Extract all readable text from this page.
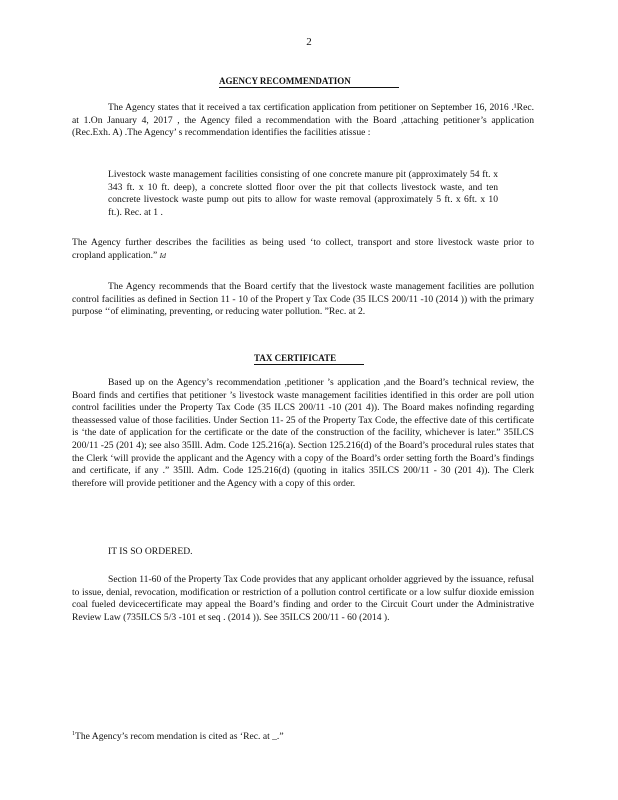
2
AGENCY RECOMMENDATION

The Agency states that it received a tax certification application from petitioner on September 16, 2016 .¹Rec. at 1.On January 4, 2017 , the Agency filed a recommendation with the Board ,attaching petitioner’s application (Rec.Exh. A) .The Agency’ s recommendation identifies the facilities atissue :

Livestock waste management facilities consisting of one concrete manure pit (approximately 54 ft. x 343 ft. x 10 ft. deep), a concrete slotted floor over the pit that collects livestock waste, and ten concrete livestock waste pump out pits to allow for waste removal (approximately 5 ft. x 6ft. x 10 ft.). Rec. at 1 .

The Agency further describes the facilities as being used ‘to collect, transport and store livestock waste prior to cropland application.” Id

The Agency recommends that the Board certify that the livestock waste management facilities are pollution control facilities as defined in Section 11 - 10 of the Propert y Tax Code (35 ILCS 200/11 -10 (2014 )) with the primary purpose ‘‘of eliminating, preventing, or reducing water pollution. ”Rec. at 2.

TAX CERTIFICATE

Based up on the Agency’s recommendation ,petitioner ’s application ,and the Board’s technical review, the Board finds and certifies that petitioner ’s livestock waste management facilities identified in this order are poll ution control facilities under the Property Tax Code (35 ILCS 200/11 -10 (201 4)). The Board makes nofinding regarding theassessed value of those facilities. Under Section 11- 25 of the Property Tax Code, the effective date of this certificate is ‘the date of application for the certificate or the date of the construction of the facility, whichever is later.” 35ILCS 200/11 -25 (201 4); see also 35Ill. Adm. Code 125.216(a). Section 125.216(d) of the Board’s procedural rules states that the Clerk ‘will provide the applicant and the Agency with a copy of the Board’s order setting forth the Board’s findings and certificate, if any .” 35Ill. Adm. Code 125.216(d) (quoting in italics 35ILCS 200/11 - 30 (201 4)). The Clerk therefore will provide petitioner and the Agency with a copy of this order.

IT IS SO ORDERED.

Section 11-60 of the Property Tax Code provides that any applicant orholder aggrieved by the issuance, refusal to issue, denial, revocation, modification or restriction of a pollution control certificate or a low sulfur dioxide emission coal fueled devicecertificate may appeal the Board’s finding and order to the Circuit Court under the Administrative Review Law (735ILCS 5/3 -101 et seq . (2014 )). See 35ILCS 200/11 - 60 (2014 ).

$^1$The Agency’s recom mendation is cited as ‘Rec. at _.”
